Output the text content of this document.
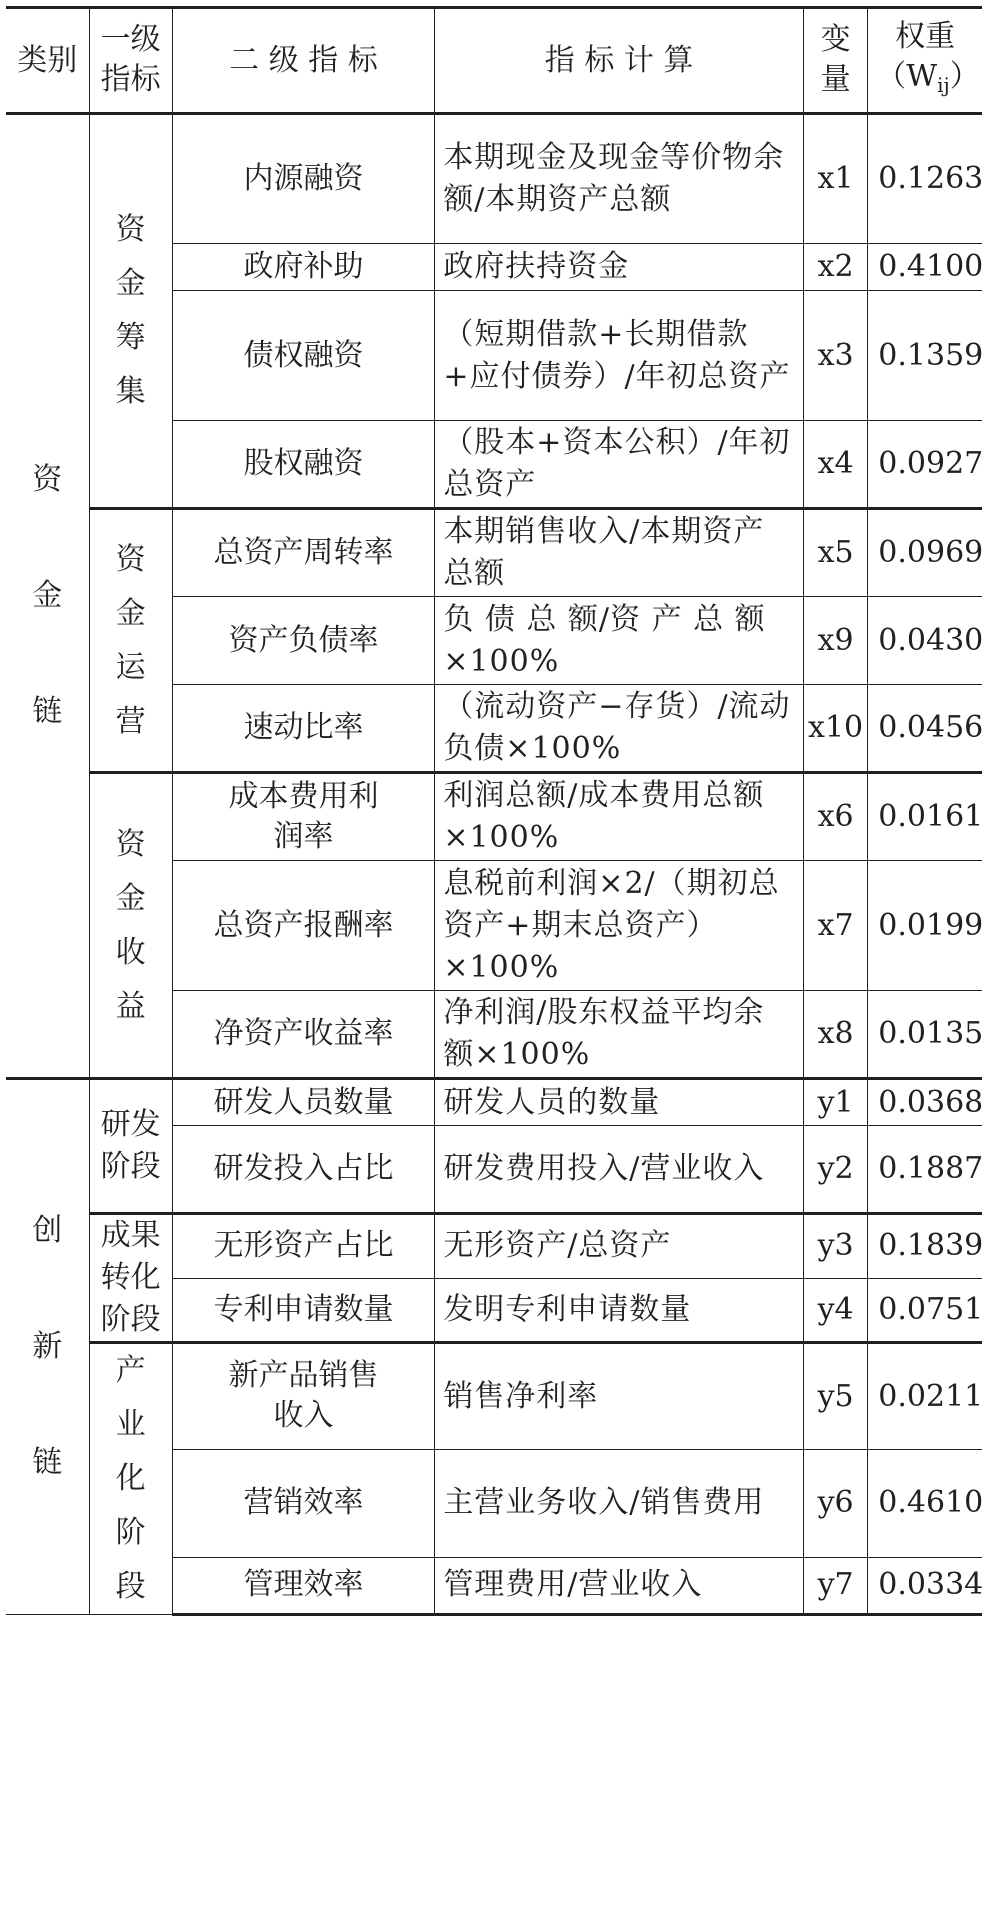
类别	一级指标	二 级 指 标	指 标 计 算	变量	权重
$(W_{ij})$

资金链	资金筹集	内源融资	本期现金及现金等价物余额/本期资产总额	x1	0.1263
		政府补助	政府扶持资金	x2	0.4100
		债权融资	（短期借款+长期借款+应付债券）/年初总资产	x3	0.1359
		股权融资	（股本+资本公积）/年初总资产	x4	0.0927
	资金运营	总资产周转率	本期销售收入/本期资产总额	x5	0.0969
		资产负债率	负 债 总 额/资 产 总 额×100%	x9	0.0430
		速动比率	（流动资产−存货）/流动负债×100%	x10	0.0456
	资金收益	成本费用利润率	利润总额/成本费用总额×100%	x6	0.0161
		总资产报酬率	息税前利润×2/（期初总资产+期末总资产）×100%	x7	0.0199
		净资产收益率	净利润/股东权益平均余额×100%	x8	0.0135
创新链	研发阶段	研发人员数量	研发人员的数量	y1	0.0368
		研发投入占比	研发费用投入/营业收入	y2	0.1887
	成果转化阶段	无形资产占比	无形资产/总资产	y3	0.1839
		专利申请数量	发明专利申请数量	y4	0.0751
	产业化阶段	新产品销售收入	销售净利率	y5	0.0211
		营销效率	主营业务收入/销售费用	y6	0.4610
		管理效率	管理费用/营业收入	y7	0.0334
